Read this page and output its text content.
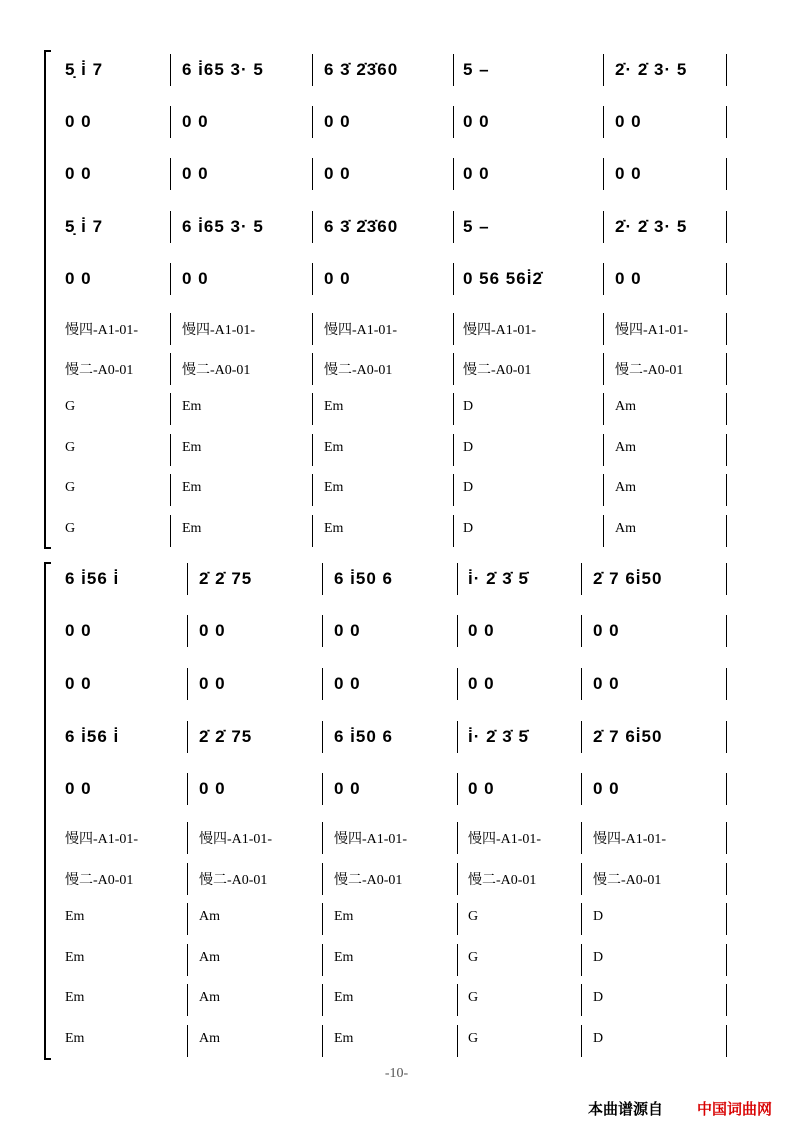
5̣ i̇ 7	6 i̇65 3· 5	6 3̇ 2̇3̇60	5 –	2̇· 2̇ 3· 5
0 0	0 0	0 0	0 0	0 0
0 0	0 0	0 0	0 0	0 0
5̣ i̇ 7	6 i̇65 3· 5	6 3̇ 2̇3̇60	5 –	2̇· 2̇ 3· 5
0 0	0 0	0 0	0 56 56i̇2̇	0 0
慢四-A1-01-	慢四-A1-01-	慢四-A1-01-	慢四-A1-01-	慢四-A1-01-
慢二-A0-01	慢二-A0-01	慢二-A0-01	慢二-A0-01	慢二-A0-01
G	Em	Em	D	Am
G	Em	Em	D	Am
G	Em	Em	D	Am
G	Em	Em	D	Am
6 i̇56 i̇	2̇ 2̇ 75	6 i̇50 6	i̇· 2̇ 3̇ 5̇	2̇ 7 6i̇50
0 0	0 0	0 0	0 0	0 0
0 0	0 0	0 0	0 0	0 0
6 i̇56 i̇	2̇ 2̇ 75	6 i̇50 6	i̇· 2̇ 3̇ 5̇	2̇ 7 6i̇50
0 0	0 0	0 0	0 0	0 0
慢四-A1-01-	慢四-A1-01-	慢四-A1-01-	慢四-A1-01-	慢四-A1-01-
慢二-A0-01	慢二-A0-01	慢二-A0-01	慢二-A0-01	慢二-A0-01
Em	Am	Em	G	D
Em	Am	Em	G	D
Em	Am	Em	G	D
Em	Am	Em	G	D
-10-
本曲谱源自 中国词曲网
